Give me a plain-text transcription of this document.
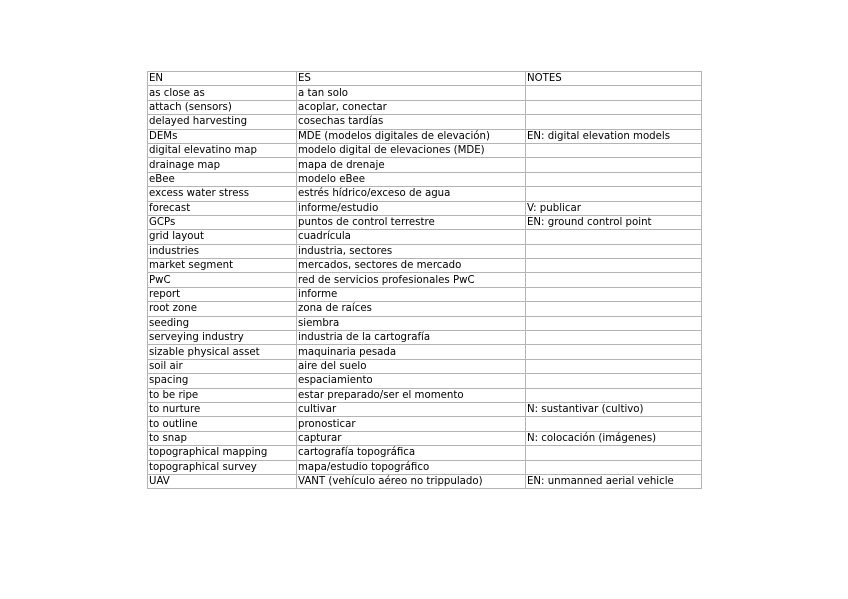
EN	ES	NOTES
as close as	a tan solo	
attach (sensors)	acoplar, conectar	
delayed harvesting	cosechas tardías	
DEMs	MDE (modelos digitales de elevación)	EN: digital elevation models
digital elevatino map	modelo digital de elevaciones (MDE)	
drainage map	mapa de drenaje	
eBee	modelo eBee	
excess water stress	estrés hídrico/exceso de agua	
forecast	informe/estudio	V: publicar
GCPs	puntos de control terrestre	EN: ground control point
grid layout	cuadrícula	
industries	industria, sectores	
market segment	mercados, sectores de mercado	
PwC	red de servicios profesionales PwC	
report	informe	
root zone	zona de raíces	
seeding	siembra	
serveying industry	industria de la cartografía	
sizable physical asset	maquinaria pesada	
soil air	aire del suelo	
spacing	espaciamiento	
to be ripe	estar preparado/ser el momento	
to nurture	cultivar	N: sustantivar (cultivo)
to outline	pronosticar	
to snap	capturar	N: colocación (imágenes)
topographical mapping	cartografía topográfica	
topographical survey	mapa/estudio topográfico	
UAV	VANT (vehículo aéreo no trippulado)	EN: unmanned aerial vehicle
